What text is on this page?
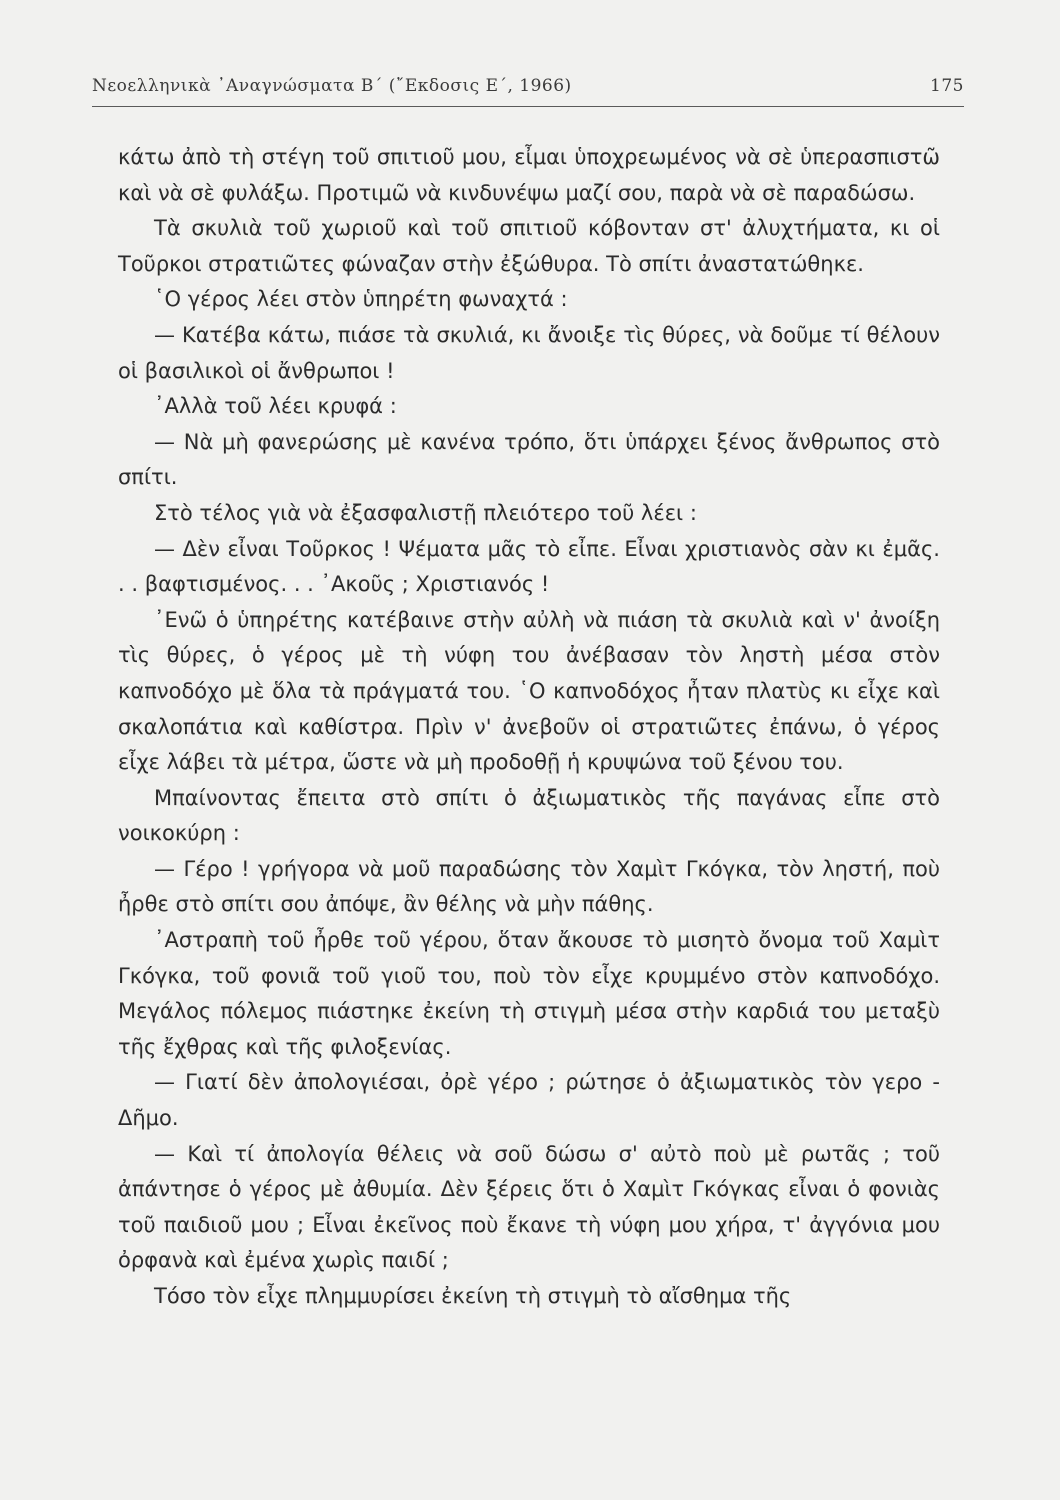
Νεοελληνικὰ ᾿Αναγνώσματα Β΄ (῎Εκδοσις Ε΄, 1966)	175

κάτω ἀπὸ τὴ στέγη τοῦ σπιτιοῦ μου, εἶμαι ὑποχρεωμένος νὰ σὲ ὑπερασπιστῶ καὶ νὰ σὲ φυλάξω. Προτιμῶ νὰ κινδυνέψω μαζί σου, παρὰ νὰ σὲ παραδώσω.

Τὰ σκυλιὰ τοῦ χωριοῦ καὶ τοῦ σπιτιοῦ κόβονταν στ' ἀλυχτήματα, κι οἱ Τοῦρκοι στρατιῶτες φώναζαν στὴν ἐξώθυρα. Τὸ σπίτι ἀναστατώθηκε.

῾Ο γέρος λέει στὸν ὑπηρέτη φωναχτά :

— Κατέβα κάτω, πιάσε τὰ σκυλιά, κι ἄνοιξε τὶς θύρες, νὰ δοῦμε τί θέλουν οἱ βασιλικοὶ οἱ ἄνθρωποι !

᾿Αλλὰ τοῦ λέει κρυφά :

— Νὰ μὴ φανερώσης μὲ κανένα τρόπο, ὅτι ὑπάρχει ξένος ἄνθρωπος στὸ σπίτι.

Στὸ τέλος γιὰ νὰ ἐξασφαλιστῇ πλειότερο τοῦ λέει :

— Δὲν εἶναι Τοῦρκος ! Ψέματα μᾶς τὸ εἶπε. Εἶναι χριστιανὸς σὰν κι ἐμᾶς. . . βαφτισμένος. . . ᾿Ακοῦς ; Χριστιανός !

᾿Ενῶ ὁ ὑπηρέτης κατέβαινε στὴν αὐλὴ νὰ πιάση τὰ σκυλιὰ καὶ ν' ἀνοίξη τὶς θύρες, ὁ γέρος μὲ τὴ νύφη του ἀνέβασαν τὸν ληστὴ μέσα στὸν καπνοδόχο μὲ ὅλα τὰ πράγματά του. ῾Ο καπνοδόχος ἦταν πλατὺς κι εἶχε καὶ σκαλοπάτια καὶ καθίστρα. Πρὶν ν' ἀνεβοῦν οἱ στρατιῶτες ἐπάνω, ὁ γέρος εἶχε λάβει τὰ μέτρα, ὥστε νὰ μὴ προδοθῇ ἡ κρυψώνα τοῦ ξένου του.

Μπαίνοντας ἔπειτα στὸ σπίτι ὁ ἀξιωματικὸς τῆς παγάνας εἶπε στὸ νοικοκύρη :

— Γέρο ! γρήγορα νὰ μοῦ παραδώσης τὸν Χαμὶτ Γκόγκα, τὸν ληστή, ποὺ ἦρθε στὸ σπίτι σου ἀπόψε, ἂν θέλης νὰ μὴν πάθης.

᾿Αστραπὴ τοῦ ἦρθε τοῦ γέρου, ὅταν ἄκουσε τὸ μισητὸ ὄνομα τοῦ Χαμὶτ Γκόγκα, τοῦ φονιᾶ τοῦ γιοῦ του, ποὺ τὸν εἶχε κρυμμένο στὸν καπνοδόχο. Μεγάλος πόλεμος πιάστηκε ἐκείνη τὴ στιγμὴ μέσα στὴν καρδιά του μεταξὺ τῆς ἔχθρας καὶ τῆς φιλοξενίας.

— Γιατί δὲν ἀπολογιέσαι, ὀρὲ γέρο ; ρώτησε ὁ ἀξιωματικὸς τὸν γερο - Δῆμο.

— Καὶ τί ἀπολογία θέλεις νὰ σοῦ δώσω σ' αὐτὸ ποὺ μὲ ρωτᾶς ; τοῦ ἀπάντησε ὁ γέρος μὲ ἀθυμία. Δὲν ξέρεις ὅτι ὁ Χαμὶτ Γκόγκας εἶναι ὁ φονιὰς τοῦ παιδιοῦ μου ; Εἶναι ἐκεῖνος ποὺ ἔκανε τὴ νύφη μου χήρα, τ' ἀγγόνια μου ὀρφανὰ καὶ ἐμένα χωρὶς παιδί ;

Τόσο τὸν εἶχε πλημμυρίσει ἐκείνη τὴ στιγμὴ τὸ αἴσθημα τῆς
